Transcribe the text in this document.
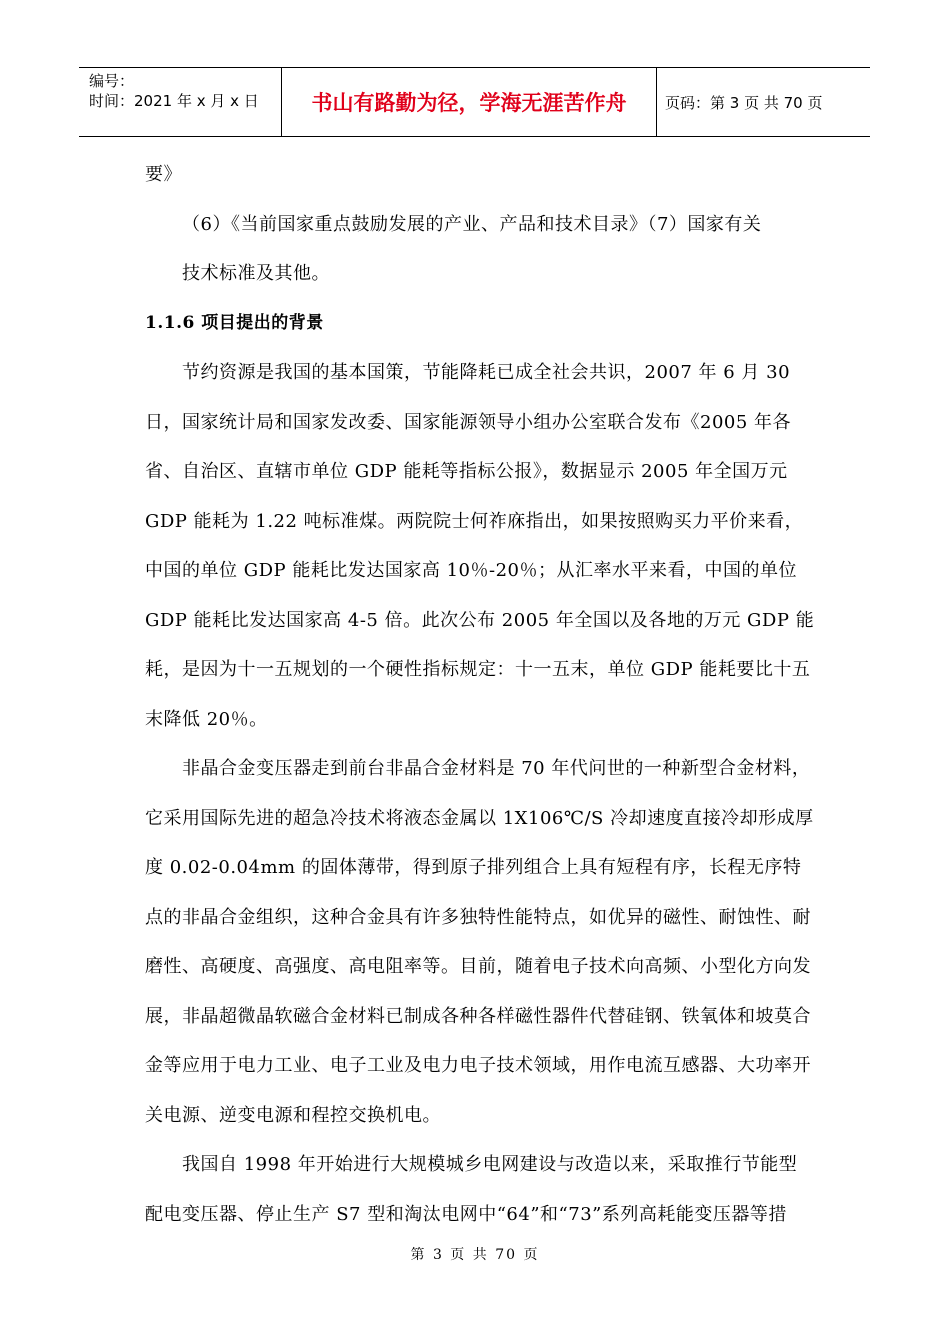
编号：
时间：2021 年 x 月 x 日	书山有路勤为径，学海无涯苦作舟	页码：第 3 页 共 70 页

要》

（6）《当前国家重点鼓励发展的产业、产品和技术目录》（7）国家有关

技术标准及其他。

1.1.6 项目提出的背景

节约资源是我国的基本国策，节能降耗已成全社会共识，2007 年 6 月 30 日，国家统计局和国家发改委、国家能源领导小组办公室联合发布《2005 年各省、自治区、直辖市单位 GDP 能耗等指标公报》，数据显示 2005 年全国万元 GDP 能耗为 1.22 吨标准煤。两院院士何祚庥指出，如果按照购买力平价来看，中国的单位 GDP 能耗比发达国家高 10％-20％；从汇率水平来看，中国的单位 GDP 能耗比发达国家高 4-5 倍。此次公布 2005 年全国以及各地的万元 GDP 能耗，是因为十一五规划的一个硬性指标规定：十一五末，单位 GDP 能耗要比十五末降低 20％。

非晶合金变压器走到前台非晶合金材料是 70 年代问世的一种新型合金材料，它采用国际先进的超急冷技术将液态金属以 1X106℃/S 冷却速度直接冷却形成厚度 0.02-0.04mm 的固体薄带，得到原子排列组合上具有短程有序，长程无序特点的非晶合金组织，这种合金具有许多独特性能特点，如优异的磁性、耐蚀性、耐磨性、高硬度、高强度、高电阻率等。目前，随着电子技术向高频、小型化方向发展，非晶超微晶软磁合金材料已制成各种各样磁性器件代替硅钢、铁氧体和坡莫合金等应用于电力工业、电子工业及电力电子技术领域，用作电流互感器、大功率开关电源、逆变电源和程控交换机电。

我国自 1998 年开始进行大规模城乡电网建设与改造以来，采取推行节能型配电变压器、停止生产 S7 型和淘汰电网中“64”和“73”系列高耗能变压器等措

第 3 页 共 70 页
